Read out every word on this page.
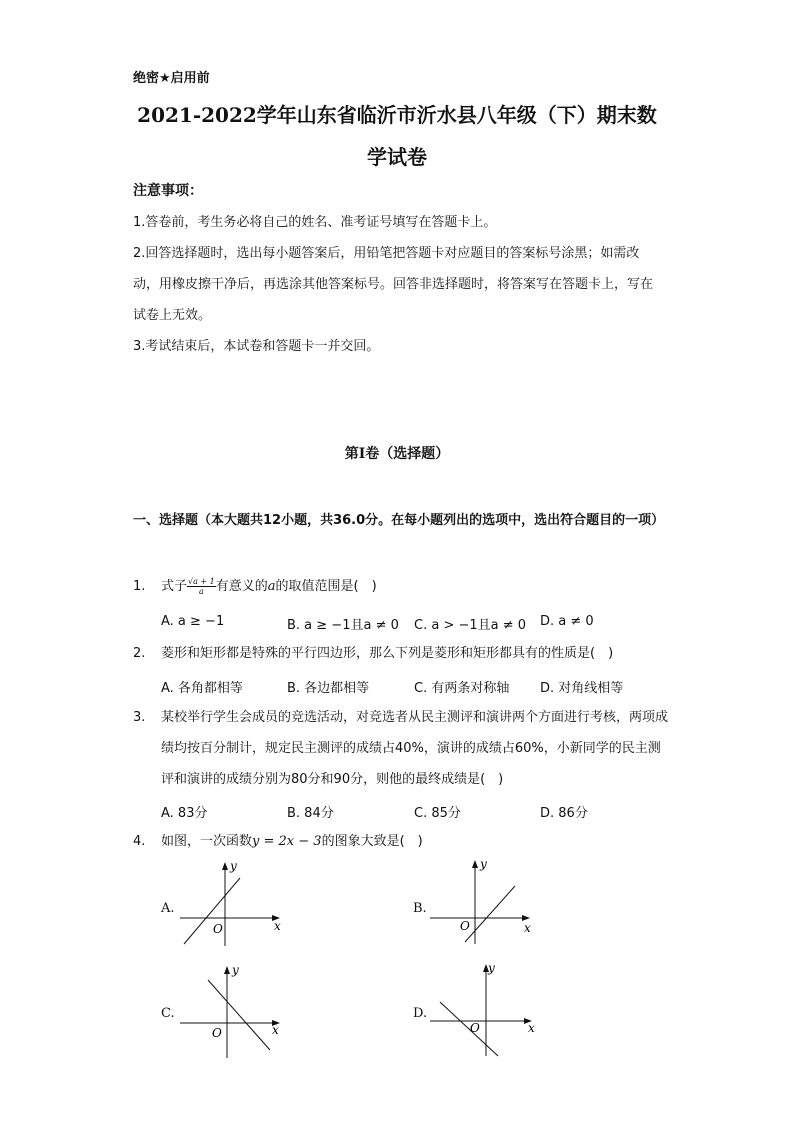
绝密★启用前
2021-2022学年山东省临沂市沂水县八年级（下）期末数
学试卷
注意事项：
1.答卷前，考生务必将自己的姓名、准考证号填写在答题卡上。
2.回答选择题时，选出每小题答案后，用铅笔把答题卡对应题目的答案标号涂黑；如需改动，用橡皮擦干净后，再选涂其他答案标号。回答非选择题时，将答案写在答题卡上，写在试卷上无效。
3.考试结束后，本试卷和答题卡一并交回。
第I卷（选择题）
一、选择题（本大题共12小题，共36.0分。在每小题列出的选项中，选出符合题目的一项）
1. 式子 $\frac{√a + 1}{a}$ 有意义的a的取值范围是(　)
A. a ≥ −1	B. a ≥ −1且a ≠ 0 C. a > −1且a ≠ 0 D. a ≠ 0
2. 菱形和矩形都是特殊的平行四边形，那么下列是菱形和矩形都具有的性质是(　)
A. 各角都相等	B. 各边都相等	C. 有两条对称轴 D. 对角线相等
3. 某校举行学生会成员的竞选活动，对竞选者从民主测评和演讲两个方面进行考核，两项成绩均按百分制计，规定民主测评的成绩占40%，演讲的成绩占60%，小新同学的民主测评和演讲的成绩分别为80分和90分，则他的最终成绩是(　)
A. 83分	B. 84分	C. 85分	D. 86分
4. 如图，一次函数y = 2x − 3的图象大致是(　)
A.
y
x
O
B.
y
x
O
C.
y
x
O
D.
y
x
O
